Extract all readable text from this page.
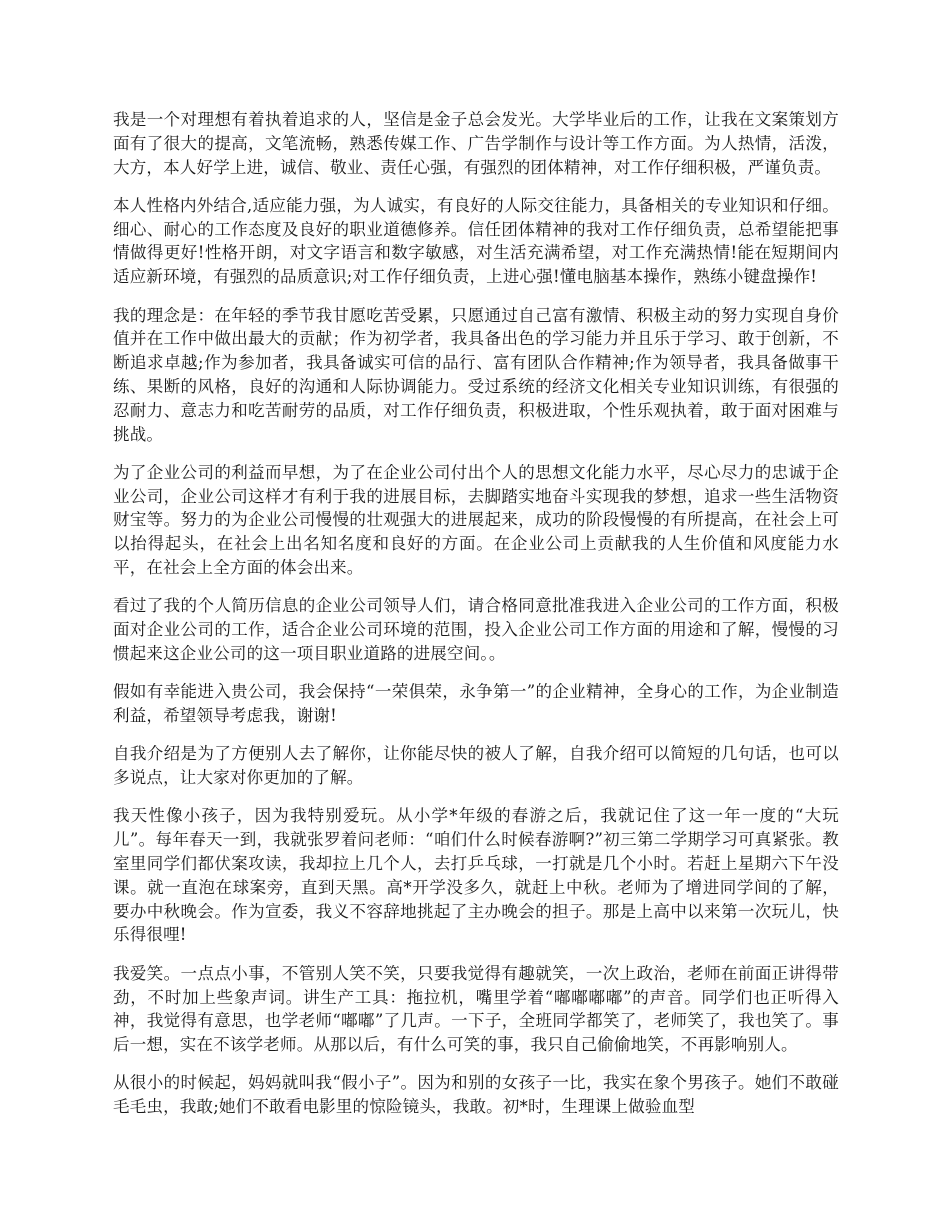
我是一个对理想有着执着追求的人，坚信是金子总会发光。大学毕业后的工作，让我在文案策划方面有了很大的提高，文笔流畅，熟悉传媒工作、广告学制作与设计等工作方面。为人热情，活泼，大方，本人好学上进，诚信、敬业、责任心强，有强烈的团体精神，对工作仔细积极，严谨负责。

本人性格内外结合,适应能力强，为人诚实，有良好的人际交往能力，具备相关的专业知识和仔细。细心、耐心的工作态度及良好的职业道德修养。信任团体精神的我对工作仔细负责，总希望能把事情做得更好!性格开朗，对文字语言和数字敏感，对生活充满希望，对工作充满热情!能在短期间内适应新环境，有强烈的品质意识;对工作仔细负责，上进心强!懂电脑基本操作，熟练小键盘操作!

我的理念是：在年轻的季节我甘愿吃苦受累，只愿通过自己富有激情、积极主动的努力实现自身价值并在工作中做出最大的贡献；作为初学者，我具备出色的学习能力并且乐于学习、敢于创新，不断追求卓越;作为参加者，我具备诚实可信的品行、富有团队合作精神;作为领导者，我具备做事干练、果断的风格，良好的沟通和人际协调能力。受过系统的经济文化相关专业知识训练，有很强的忍耐力、意志力和吃苦耐劳的品质，对工作仔细负责，积极进取，个性乐观执着，敢于面对困难与挑战。

为了企业公司的利益而早想，为了在企业公司付出个人的思想文化能力水平，尽心尽力的忠诚于企业公司，企业公司这样才有利于我的进展目标，去脚踏实地奋斗实现我的梦想，追求一些生活物资财宝等。努力的为企业公司慢慢的壮观强大的进展起来，成功的阶段慢慢的有所提高，在社会上可以抬得起头，在社会上出名知名度和良好的方面。在企业公司上贡献我的人生价值和风度能力水平，在社会上全方面的体会出来。

看过了我的个人简历信息的企业公司领导人们，请合格同意批准我进入企业公司的工作方面，积极面对企业公司的工作，适合企业公司环境的范围，投入企业公司工作方面的用途和了解，慢慢的习惯起来这企业公司的这一项目职业道路的进展空间。。

假如有幸能进入贵公司，我会保持“一荣俱荣，永争第一”的企业精神，全身心的工作，为企业制造利益，希望领导考虑我，谢谢!

自我介绍是为了方便别人去了解你，让你能尽快的被人了解，自我介绍可以简短的几句话，也可以多说点，让大家对你更加的了解。

我天性像小孩子，因为我特别爱玩。从小学*年级的春游之后，我就记住了这一年一度的“大玩儿”。每年春天一到，我就张罗着问老师：“咱们什么时候春游啊?”初三第二学期学习可真紧张。教室里同学们都伏案攻读，我却拉上几个人，去打乒乓球，一打就是几个小时。若赶上星期六下午没课。就一直泡在球案旁，直到天黑。高*开学没多久，就赶上中秋。老师为了增进同学间的了解，要办中秋晚会。作为宣委，我义不容辞地挑起了主办晚会的担子。那是上高中以来第一次玩儿，快乐得很哩!

我爱笑。一点点小事，不管别人笑不笑，只要我觉得有趣就笑，一次上政治，老师在前面正讲得带劲，不时加上些象声词。讲生产工具：拖拉机，嘴里学着“嘟嘟嘟嘟”的声音。同学们也正听得入神，我觉得有意思，也学老师“嘟嘟”了几声。一下子，全班同学都笑了，老师笑了，我也笑了。事后一想，实在不该学老师。从那以后，有什么可笑的事，我只自己偷偷地笑，不再影响别人。

从很小的时候起，妈妈就叫我“假小子”。因为和别的女孩子一比，我实在象个男孩子。她们不敢碰毛毛虫，我敢;她们不敢看电影里的惊险镜头，我敢。初*时，生理课上做验血型
